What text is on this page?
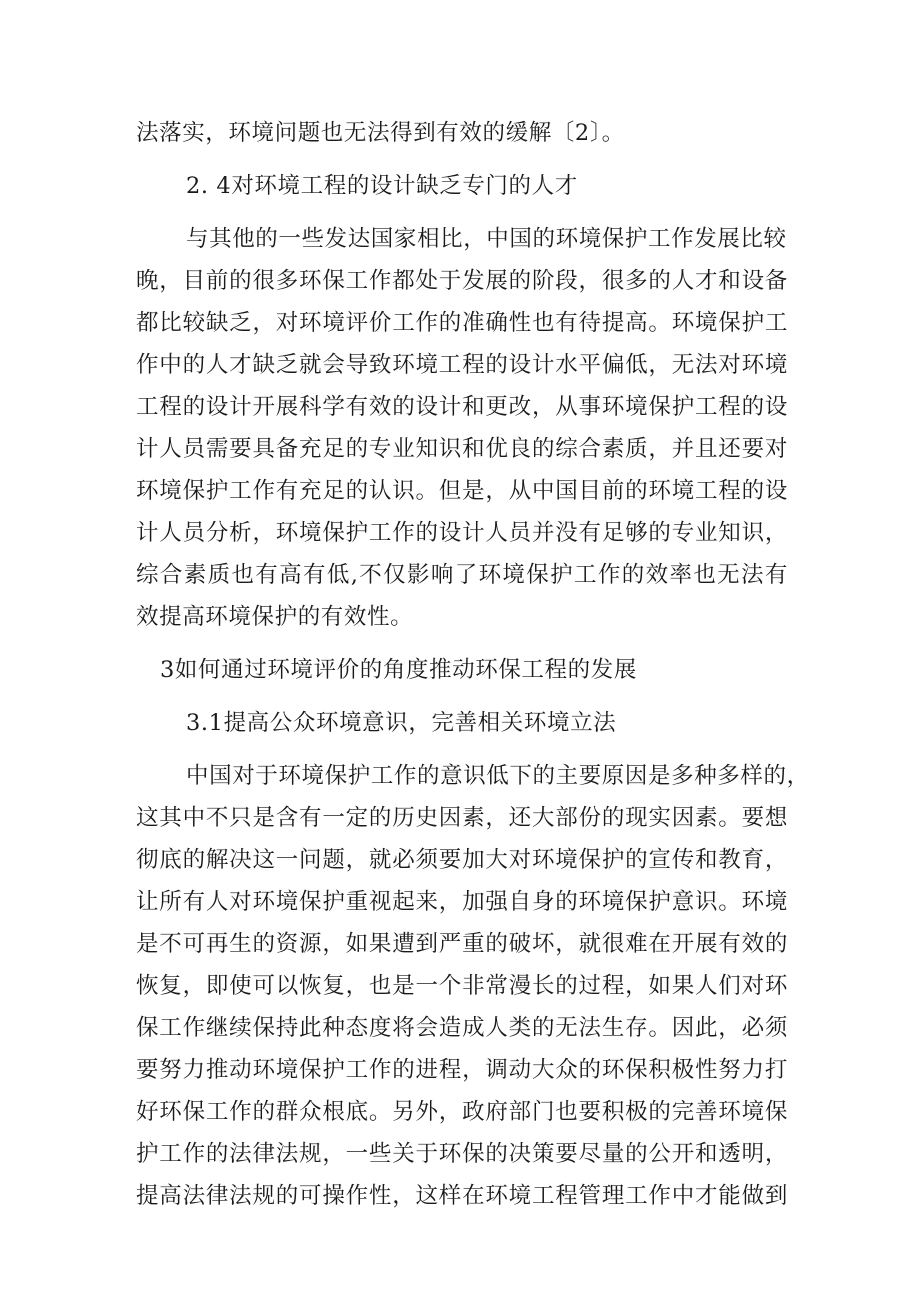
法落实，环境问题也无法得到有效的缓解〔2〕。
2. 4对环境工程的设计缺乏专门的人才
与其他的一些发达国家相比，中国的环境保护工作发展比较
晚，目前的很多环保工作都处于发展的阶段，很多的人才和设备
都比较缺乏，对环境评价工作的准确性也有待提高。环境保护工
作中的人才缺乏就会导致环境工程的设计水平偏低，无法对环境
工程的设计开展科学有效的设计和更改，从事环境保护工程的设
计人员需要具备充足的专业知识和优良的综合素质，并且还要对
环境保护工作有充足的认识。但是，从中国目前的环境工程的设
计人员分析，环境保护工作的设计人员并没有足够的专业知识，
综合素质也有高有低,不仅影响了环境保护工作的效率也无法有
效提高环境保护的有效性。
3如何通过环境评价的角度推动环保工程的发展
3.1提高公众环境意识，完善相关环境立法
中国对于环境保护工作的意识低下的主要原因是多种多样的，
这其中不只是含有一定的历史因素，还大部份的现实因素。要想
彻底的解决这一问题，就必须要加大对环境保护的宣传和教育，
让所有人对环境保护重视起来，加强自身的环境保护意识。环境
是不可再生的资源，如果遭到严重的破坏，就很难在开展有效的
恢复，即使可以恢复，也是一个非常漫长的过程，如果人们对环
保工作继续保持此种态度将会造成人类的无法生存。因此，必须
要努力推动环境保护工作的进程，调动大众的环保积极性努力打
好环保工作的群众根底。另外，政府部门也要积极的完善环境保
护工作的法律法规，一些关于环保的决策要尽量的公开和透明，
提高法律法规的可操作性，这样在环境工程管理工作中才能做到
